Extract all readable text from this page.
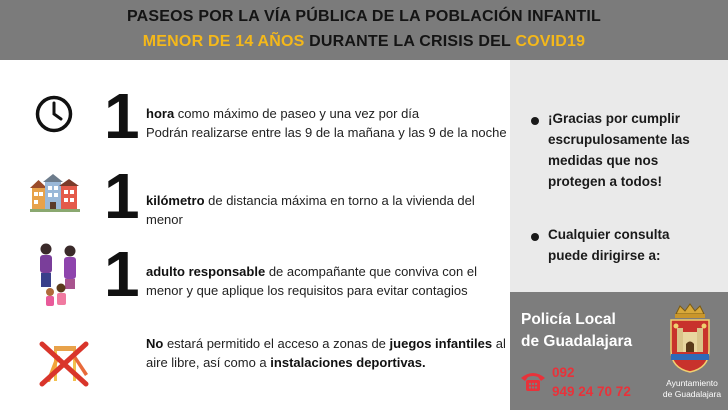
PASEOS POR LA VÍA PÚBLICA DE LA POBLACIÓN INFANTIL
MENOR DE 14 AÑOS DURANTE LA CRISIS DEL COVID19
¡Gracias por cumplir escrupulosamente las medidas que nos protegen a todos!
Cualquier consulta puede dirigirse a:
Policía Local
de Guadalajara
092
949 24 70 72
Ayuntamiento
de Guadalajara
1 hora como máximo de paseo y una vez por día
Podrán realizarse entre las 9 de la mañana y las 9 de la noche
1 kilómetro de distancia máxima en torno a la vivienda del menor
1 adulto responsable de acompañante que conviva con el menor y que aplique los requisitos para evitar contagios
No estará permitido el acceso a zonas de juegos infantiles al aire libre, así como a instalaciones deportivas.
